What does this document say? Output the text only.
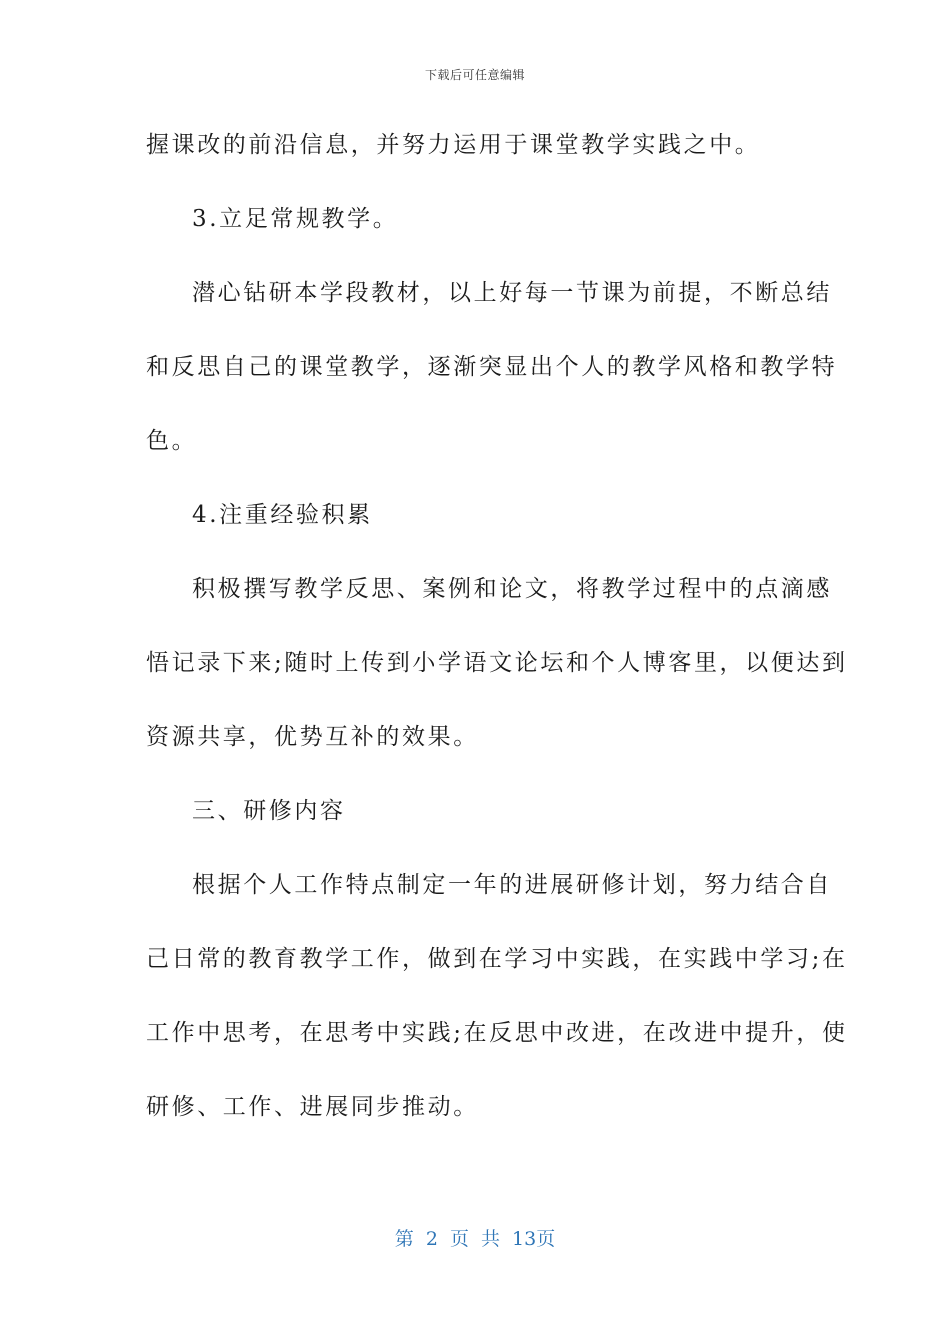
下载后可任意编辑
握课改的前沿信息，并努力运用于课堂教学实践之中。
3.立足常规教学。
潜心钻研本学段教材，以上好每一节课为前提，不断总结
和反思自己的课堂教学，逐渐突显出个人的教学风格和教学特
色。
4.注重经验积累
积极撰写教学反思、案例和论文，将教学过程中的点滴感
悟记录下来;随时上传到小学语文论坛和个人博客里，以便达到
资源共享，优势互补的效果。
三、研修内容
根据个人工作特点制定一年的进展研修计划，努力结合自
己日常的教育教学工作，做到在学习中实践，在实践中学习;在
工作中思考，在思考中实践;在反思中改进，在改进中提升，使
研修、工作、进展同步推动。
第 2 页 共 13页
